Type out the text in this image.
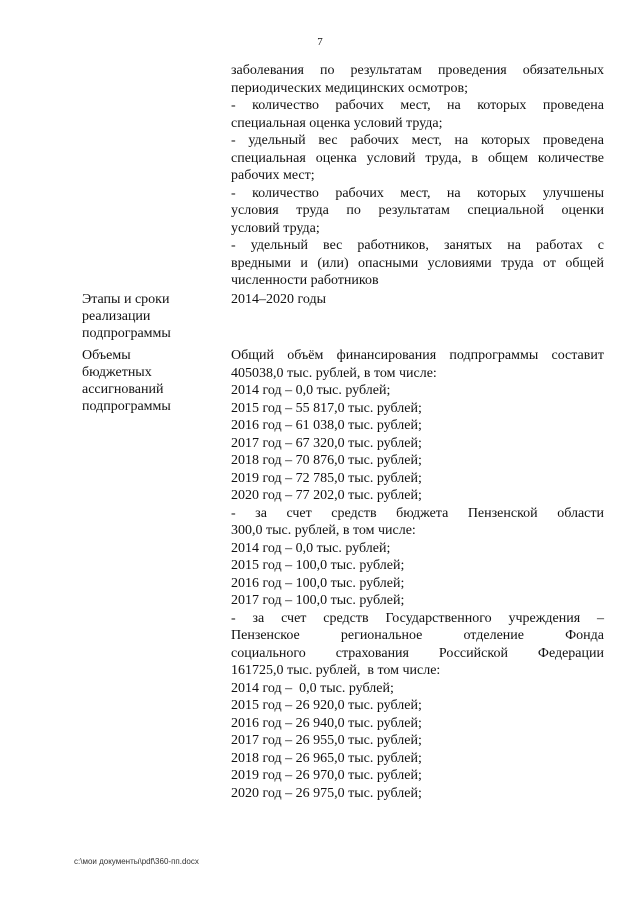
7
заболевания по результатам проведения обязательных
периодических медицинских осмотров;
- количество рабочих мест, на которых проведена
специальная оценка условий труда;
- удельный вес рабочих мест, на которых проведена
специальная оценка условий труда, в общем количестве
рабочих мест;
- количество рабочих мест, на которых улучшены
условия труда по результатам специальной оценки
условий труда;
- удельный вес работников, занятых на работах с
вредными и (или) опасными условиями труда от общей
численности работников
Этапы и сроки
реализации
подпрограммы
2014–2020 годы
Объемы
бюджетных
ассигнований
подпрограммы
Общий объём финансирования подпрограммы составит
405038,0 тыс. рублей, в том числе:
2014 год – 0,0 тыс. рублей;
2015 год – 55 817,0 тыс. рублей;
2016 год – 61 038,0 тыс. рублей;
2017 год – 67 320,0 тыс. рублей;
2018 год – 70 876,0 тыс. рублей;
2019 год – 72 785,0 тыс. рублей;
2020 год – 77 202,0 тыс. рублей;
- за счет средств бюджета Пензенской области
300,0 тыс. рублей, в том числе:
2014 год – 0,0 тыс. рублей;
2015 год – 100,0 тыс. рублей;
2016 год – 100,0 тыс. рублей;
2017 год – 100,0 тыс. рублей;
- за счет средств Государственного учреждения –
Пензенское региональное отделение Фонда
социального страхования Российской Федерации
161725,0 тыс. рублей,  в том числе:
2014 год –  0,0 тыс. рублей;
2015 год – 26 920,0 тыс. рублей;
2016 год – 26 940,0 тыс. рублей;
2017 год – 26 955,0 тыс. рублей;
2018 год – 26 965,0 тыс. рублей;
2019 год – 26 970,0 тыс. рублей;
2020 год – 26 975,0 тыс. рублей;
c:\мои документы\pdf\360-пп.docx
